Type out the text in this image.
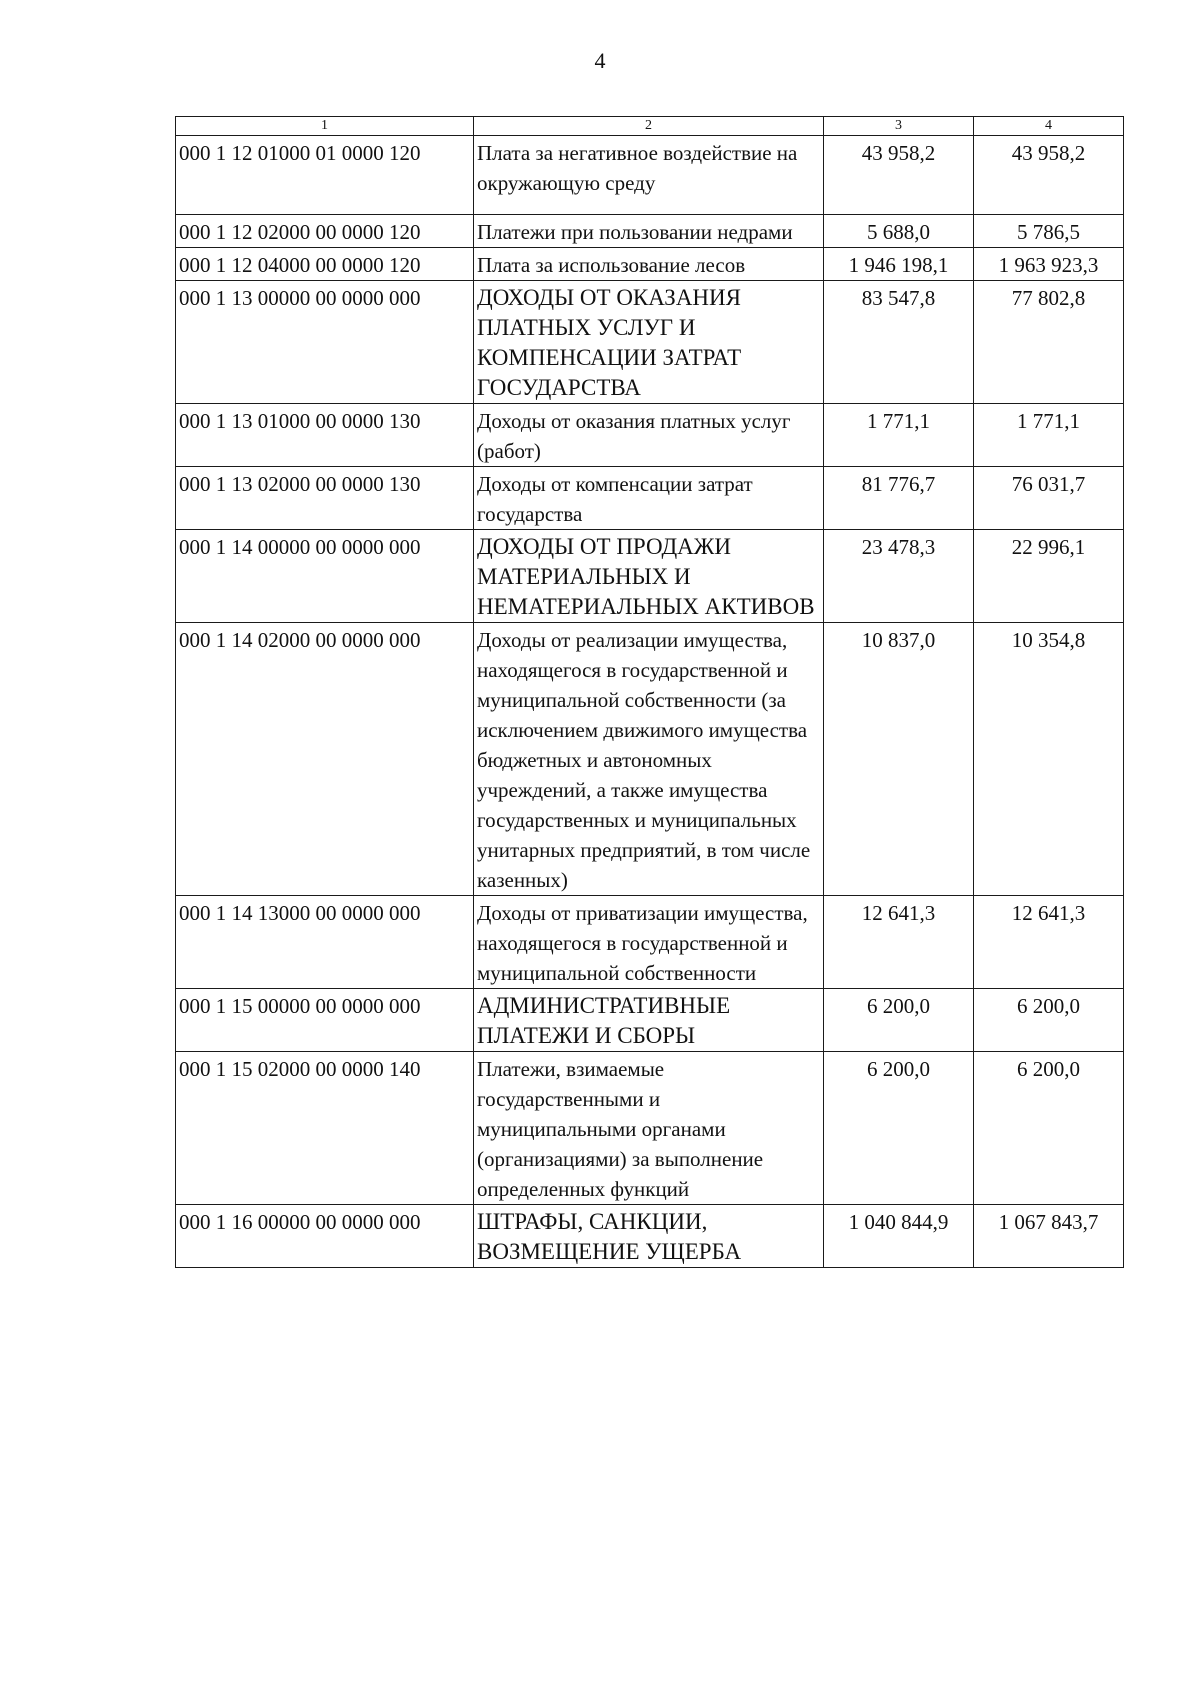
4
1	2	3	4
000 1 12 01000 01 0000 120	Плата за негативное воздействие на окружающую среду	43 958,2	43 958,2
000 1 12 02000 00 0000 120	Платежи при пользовании недрами	5 688,0	5 786,5
000 1 12 04000 00 0000 120	Плата за использование лесов	1 946 198,1	1 963 923,3
000 1 13 00000 00 0000 000	ДОХОДЫ ОТ ОКАЗАНИЯ ПЛАТНЫХ УСЛУГ И КОМПЕНСАЦИИ ЗАТРАТ ГОСУДАРСТВА	83 547,8	77 802,8
000 1 13 01000 00 0000 130	Доходы от оказания платных услуг (работ)	1 771,1	1 771,1
000 1 13 02000 00 0000 130	Доходы от компенсации затрат государства	81 776,7	76 031,7
000 1 14 00000 00 0000 000	ДОХОДЫ ОТ ПРОДАЖИ МАТЕРИАЛЬНЫХ И НЕМАТЕРИАЛЬНЫХ АКТИВОВ	23 478,3	22 996,1
000 1 14 02000 00 0000 000	Доходы от реализации имущества, находящегося в государственной и муниципальной собственности (за исключением движимого имущества бюджетных и автономных учреждений, а также имущества государственных и муниципальных унитарных предприятий, в том числе казенных)	10 837,0	10 354,8
000 1 14 13000 00 0000 000	Доходы от приватизации имущества, находящегося в государственной и муниципальной собственности	12 641,3	12 641,3
000 1 15 00000 00 0000 000	АДМИНИСТРАТИВНЫЕ ПЛАТЕЖИ И СБОРЫ	6 200,0	6 200,0
000 1 15 02000 00 0000 140	Платежи, взимаемые государственными и муниципальными органами (организациями) за выполнение определенных функций	6 200,0	6 200,0
000 1 16 00000 00 0000 000	ШТРАФЫ, САНКЦИИ, ВОЗМЕЩЕНИЕ УЩЕРБА	1 040 844,9	1 067 843,7
